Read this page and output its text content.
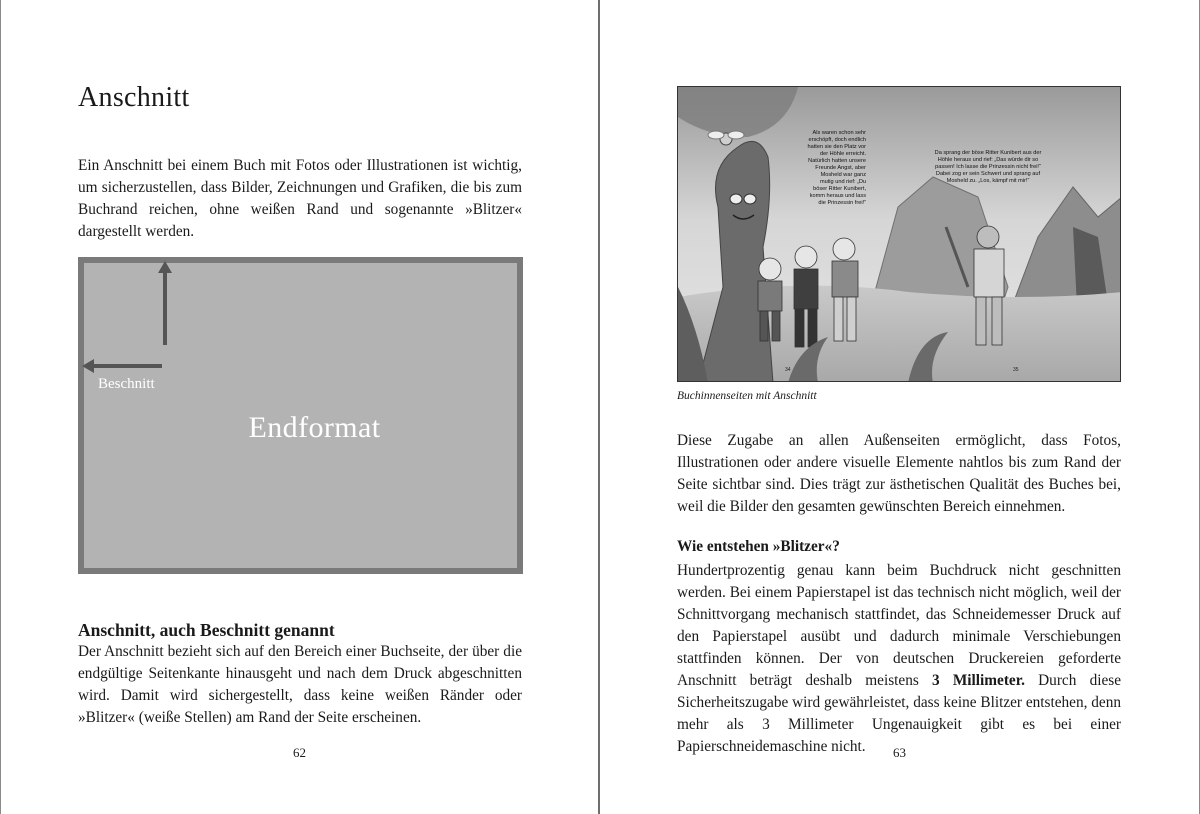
Anschnitt

Ein Anschnitt bei einem Buch mit Fotos oder Illustrationen ist wichtig, um sicherzustellen, dass Bilder, Zeichnungen und Grafiken, die bis zum Buchrand reichen, ohne weißen Rand und sogenannte »Blitzer« dargestellt werden.

Beschnitt
Endformat
Anschnitt, auch Beschnitt genannt

Der Anschnitt bezieht sich auf den Bereich einer Buchseite, der über die endgültige Seitenkante hinausgeht und nach dem Druck abgeschnitten wird. Damit wird sichergestellt, dass keine weißen Ränder oder »Blitzer« (weiße Stellen) am Rand der Seite erscheinen.

62
Als waren schon sehr erschöpft, doch endlich hatten sie den Platz vor der Höhle erreicht. Natürlich hatten unsere Freunde Angst, aber Mosheld war ganz mutig und rief: „Du böser Ritter Kunibert, komm heraus und lass die Prinzessin frei!“
Da sprang der böse Ritter Kunibert aus der Höhle heraus und rief: „Das würde dir so passen! Ich lasse die Prinzessin nicht frei!“ Dabei zog er sein Schwert und sprang auf Mosheld zu. „Los, kämpf mit mir!“
34	35

Buchinnenseiten mit Anschnitt

Diese Zugabe an allen Außenseiten ermöglicht, dass Fotos, Illustrationen oder andere visuelle Elemente nahtlos bis zum Rand der Seite sichtbar sind. Dies trägt zur ästhetischen Qualität des Buches bei, weil die Bilder den gesamten gewünschten Bereich einnehmen.

Wie entstehen »Blitzer«?

Hundertprozentig genau kann beim Buchdruck nicht geschnitten werden. Bei einem Papierstapel ist das technisch nicht möglich, weil der Schnittvorgang mechanisch stattfindet, das Schneidemesser Druck auf den Papierstapel ausübt und dadurch minimale Verschiebungen stattfinden können. Der von deutschen Druckereien geforderte Anschnitt beträgt deshalb meistens 3 Millimeter. Durch diese Sicherheitszugabe wird gewährleistet, dass keine Blitzer entstehen, denn mehr als 3 Millimeter Ungenauigkeit gibt es bei einer Papierschneidemaschine nicht.	63
